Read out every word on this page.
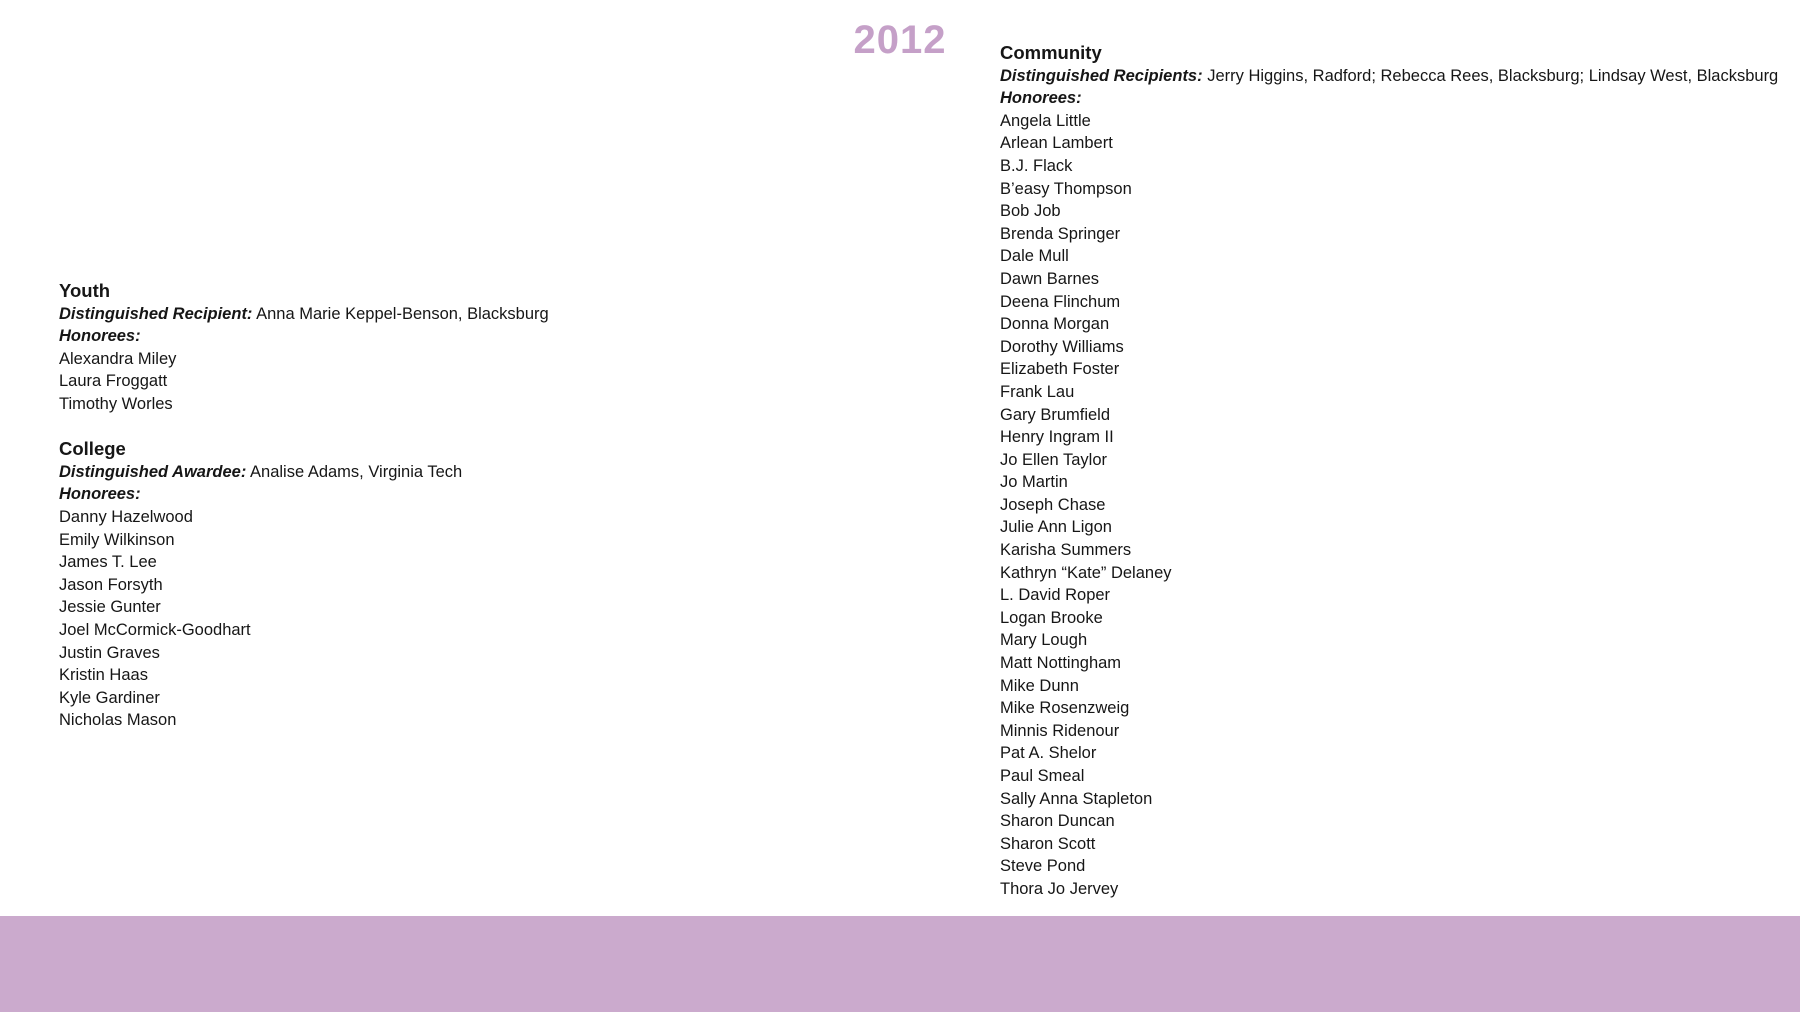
2012
Youth

Distinguished Recipient: Anna Marie Keppel-Benson, Blacksburg

Honorees:

Alexandra Miley
Laura Froggatt
Timothy Worles
College

Distinguished Awardee: Analise Adams, Virginia Tech

Honorees:

Danny Hazelwood
Emily Wilkinson
James T. Lee
Jason Forsyth
Jessie Gunter
Joel McCormick-Goodhart
Justin Graves
Kristin Haas
Kyle Gardiner
Nicholas Mason
Community

Distinguished Recipients: Jerry Higgins, Radford; Rebecca Rees, Blacksburg; Lindsay West, Blacksburg

Honorees:

Angela Little
Arlean Lambert
B.J. Flack
B’easy Thompson
Bob Job
Brenda Springer
Dale Mull
Dawn Barnes
Deena Flinchum
Donna Morgan
Dorothy Williams
Elizabeth Foster
Frank Lau
Gary Brumfield
Henry Ingram II
Jo Ellen Taylor
Jo Martin
Joseph Chase
Julie Ann Ligon
Karisha Summers
Kathryn “Kate” Delaney
L. David Roper
Logan Brooke
Mary Lough
Matt Nottingham
Mike Dunn
Mike Rosenzweig
Minnis Ridenour
Pat A. Shelor
Paul Smeal
Sally Anna Stapleton
Sharon Duncan
Sharon Scott
Steve Pond
Thora Jo Jervey
